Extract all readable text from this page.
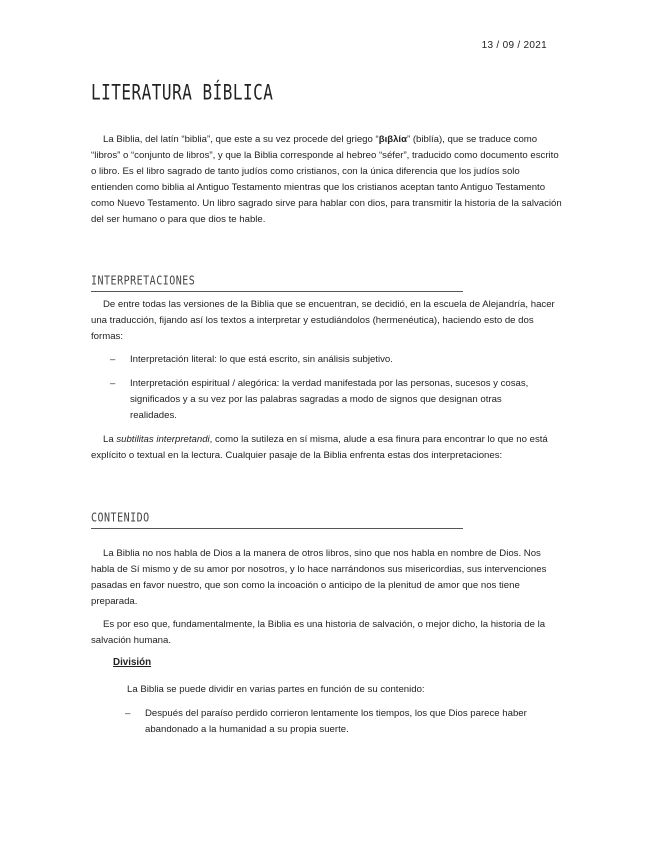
13 / 09 / 2021
LITERATURA BÍBLICA

La Biblia, del latín “biblia”, que este a su vez procede del griego “βιβλία” (biblía), que se traduce como “libros” o “conjunto de libros”, y que la Biblia corresponde al hebreo “séfer”, traducido como documento escrito o libro. Es el libro sagrado de tanto judíos como cristianos, con la única diferencia que los judíos solo entienden como biblia al Antiguo Testamento mientras que los cristianos aceptan tanto Antiguo Testamento como Nuevo Testamento. Un libro sagrado sirve para hablar con dios, para transmitir la historia de la salvación del ser humano o para que dios te hable.

INTERPRETACIONES

De entre todas las versiones de la Biblia que se encuentran, se decidió, en la escuela de Alejandría, hacer una traducción, fijando así los textos a interpretar y estudiándolos (hermenéutica), haciendo esto de dos formas:

– Interpretación literal: lo que está escrito, sin análisis subjetivo.
– Interpretación espiritual / alegórica: la verdad manifestada por las personas, sucesos y cosas, significados y a su vez por las palabras sagradas a modo de signos que designan otras realidades.

La subtilitas interpretandi, como la sutileza en sí misma, alude a esa finura para encontrar lo que no está explícito o textual en la lectura. Cualquier pasaje de la Biblia enfrenta estas dos interpretaciones:

CONTENIDO

La Biblia no nos habla de Dios a la manera de otros libros, sino que nos habla en nombre de Dios. Nos habla de Sí mismo y de su amor por nosotros, y lo hace narrándonos sus misericordias, sus intervenciones pasadas en favor nuestro, que son como la incoación o anticipo de la plenitud de amor que nos tiene preparada.

Es por eso que, fundamentalmente, la Biblia es una historia de salvación, o mejor dicho, la historia de la salvación humana.

División

La Biblia se puede dividir en varias partes en función de su contenido:

– Después del paraíso perdido corrieron lentamente los tiempos, los que Dios parece haber abandonado a la humanidad a su propia suerte.
